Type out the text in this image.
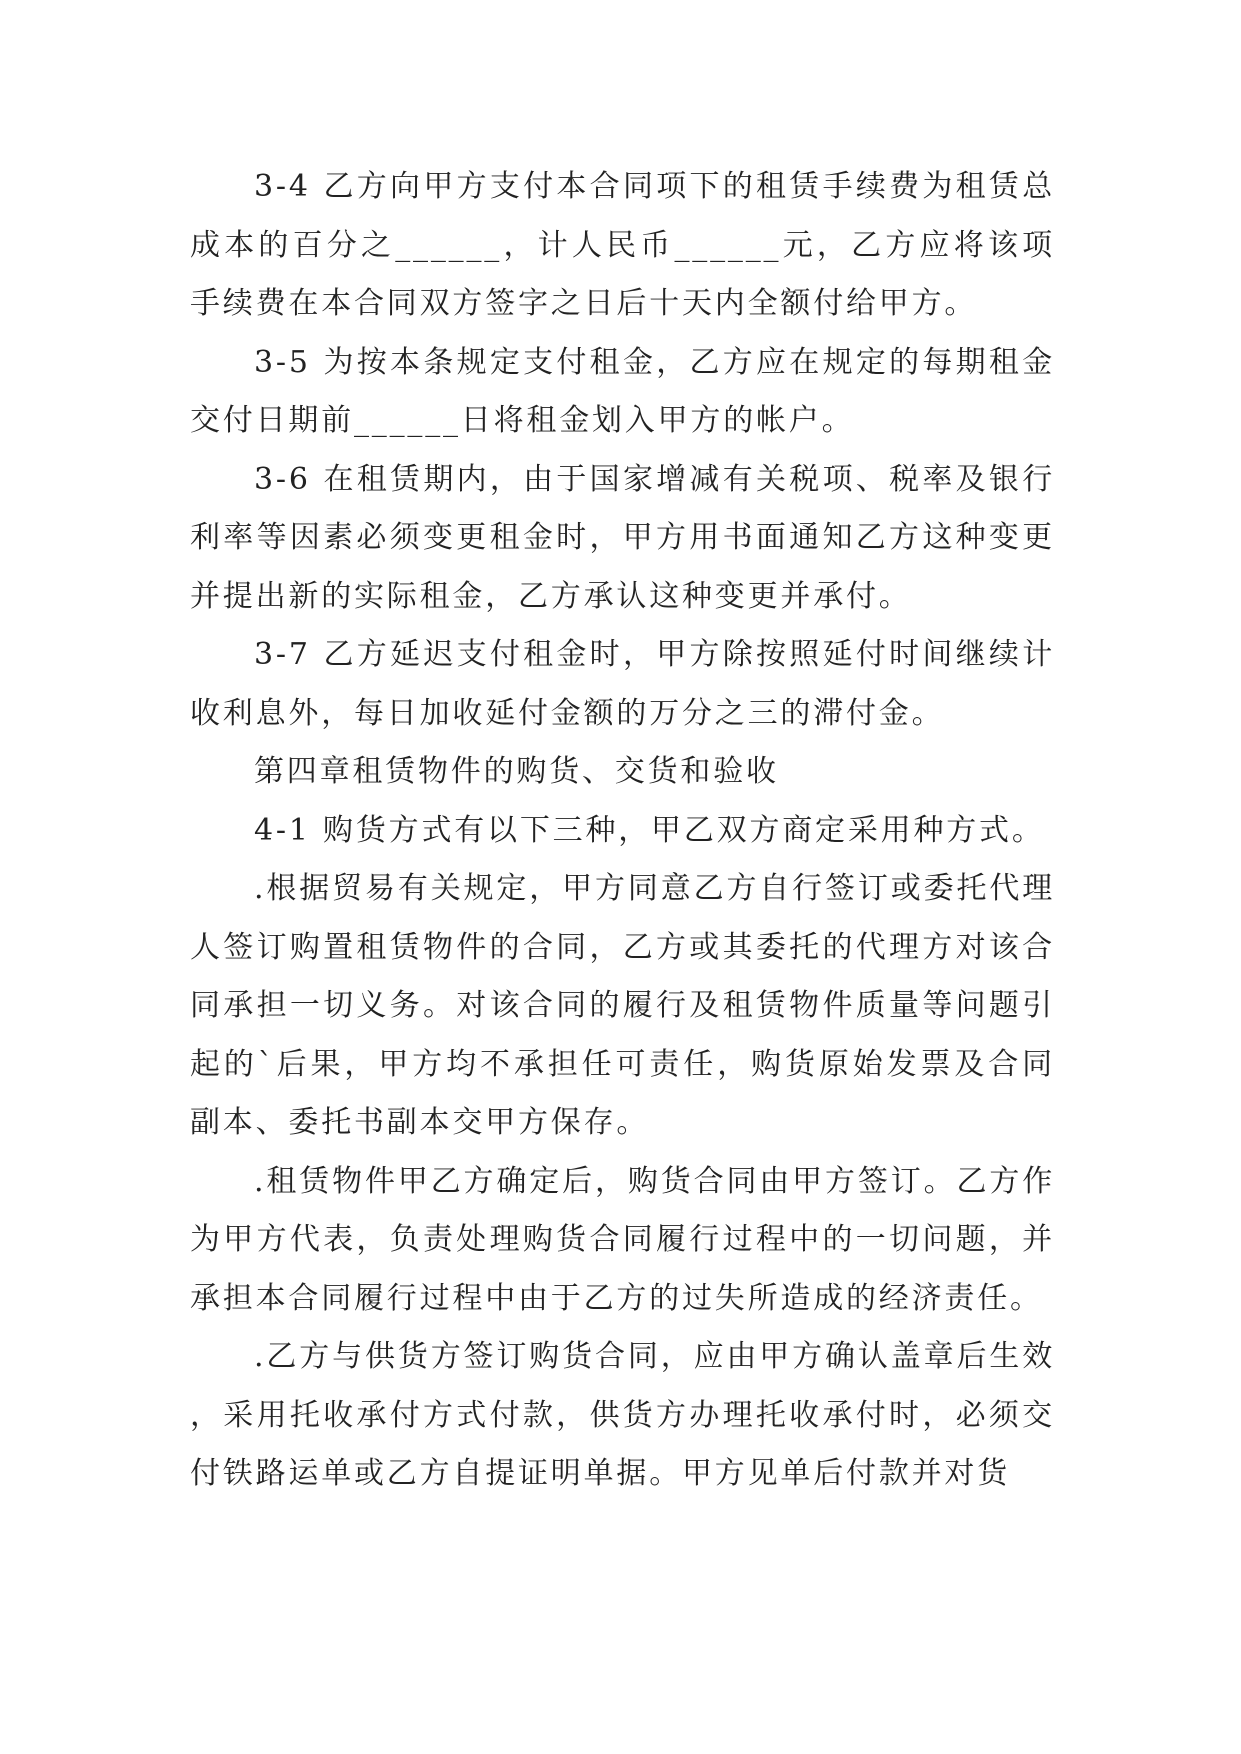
3-4 乙方向甲方支付本合同项下的租赁手续费为租赁总成本的百分之______，计人民币______元，乙方应将该项手续费在本合同双方签字之日后十天内全额付给甲方。

3-5 为按本条规定支付租金，乙方应在规定的每期租金交付日期前______日将租金划入甲方的帐户。

3-6 在租赁期内，由于国家增减有关税项、税率及银行利率等因素必须变更租金时，甲方用书面通知乙方这种变更并提出新的实际租金，乙方承认这种变更并承付。

3-7 乙方延迟支付租金时，甲方除按照延付时间继续计收利息外，每日加收延付金额的万分之三的滞付金。

第四章租赁物件的购货、交货和验收

4-1 购货方式有以下三种，甲乙双方商定采用种方式。

.根据贸易有关规定，甲方同意乙方自行签订或委托代理人签订购置租赁物件的合同，乙方或其委托的代理方对该合同承担一切义务。对该合同的履行及租赁物件质量等问题引起的`后果，甲方均不承担任可责任，购货原始发票及合同副本、委托书副本交甲方保存。

.租赁物件甲乙方确定后，购货合同由甲方签订。乙方作为甲方代表，负责处理购货合同履行过程中的一切问题，并承担本合同履行过程中由于乙方的过失所造成的经济责任。

.乙方与供货方签订购货合同，应由甲方确认盖章后生效，采用托收承付方式付款，供货方办理托收承付时，必须交付铁路运单或乙方自提证明单据。甲方见单后付款并对货
